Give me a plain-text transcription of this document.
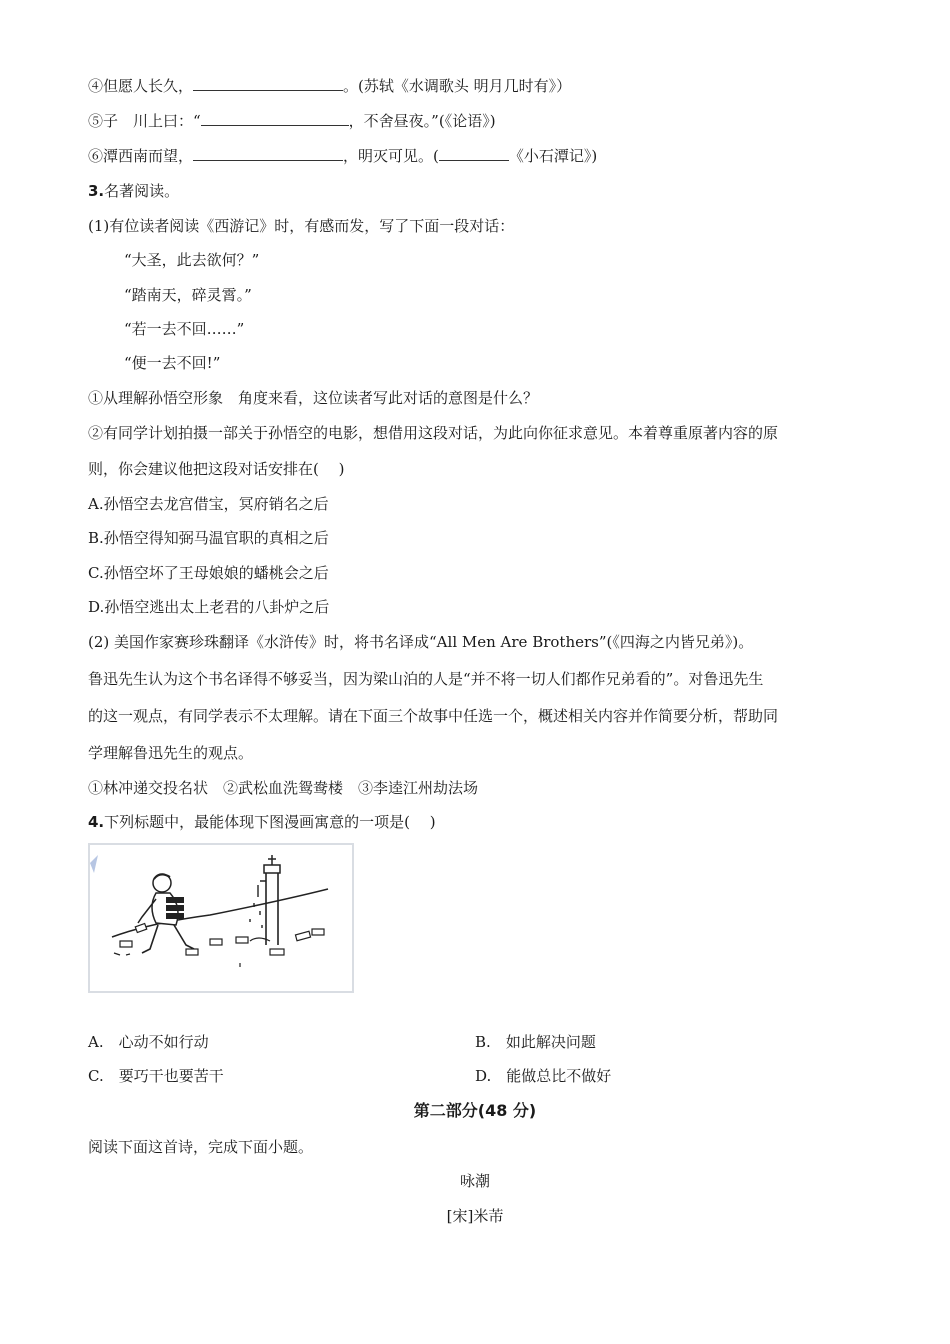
④但愿人长久，	。(苏轼《水调歌头 明月几时有》）
⑤子　川上曰：“	，不舍昼夜。”(《论语》)
⑥潭西南而望，	，明灭可见。(	《小石潭记》)
3.名著阅读。
(1)有位读者阅读《西游记》时，有感而发，写了下面一段对话：
“大圣，此去欲何？”
“踏南天，碎灵霄。”
“若一去不回……”
“便一去不回!”
①从理解孙悟空形象　角度来看，这位读者写此对话的意图是什么？
②有同学计划拍摄一部关于孙悟空的电影，想借用这段对话，为此向你征求意见。本着尊重原著内容的原
则，你会建议他把这段对话安排在(　 )
A.孙悟空去龙宫借宝，冥府销名之后
B.孙悟空得知弼马温官职的真相之后
C.孙悟空坏了王母娘娘的蟠桃会之后
D.孙悟空逃出太上老君的八卦炉之后
(2) 美国作家赛珍珠翻译《水浒传》时，将书名译成“All Men Are Brothers”(《四海之内皆兄弟》)。
鲁迅先生认为这个书名译得不够妥当，因为梁山泊的人是“并不将一切人们都作兄弟看的”。对鲁迅先生
的这一观点，有同学表示不太理解。请在下面三个故事中任选一个，概述相关内容并作简要分析，帮助同
学理解鲁迅先生的观点。
①林冲递交投名状　②武松血洗鸳鸯楼　③李逵江州劫法场
4.下列标题中，最能体现下图漫画寓意的一项是(　 )
A.　 心动不如行动	B.　 如此解决问题
C.　 要巧干也要苦干	D.　 能做总比不做好
第二部分(48 分)
阅读下面这首诗，完成下面小题。
咏潮
[宋]米芾
